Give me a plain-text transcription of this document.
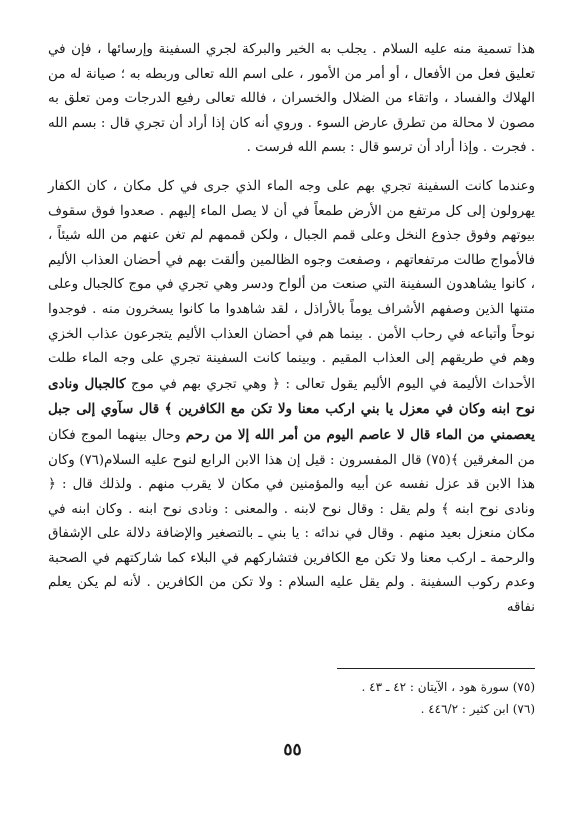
هذا تسمية منه عليه السلام . يجلب به الخير والبركة لجري السفينة وإرسائها ، فإن في تعليق فعل من الأفعال ، أو أمر من الأمور ، على اسم الله تعالى وربطه به ؛ صيانة له من الهلاك والفساد ، واتقاء من الضلال والخسران ، فالله تعالى رفيع الدرجات ومن تعلق به مصون لا محالة من تطرق عارض السوء . وروي أنه كان إذا أراد أن تجري قال : بسم الله . فجرت . وإذا أراد أن ترسو قال : بسم الله فرست .

وعندما كانت السفينة تجري بهم على وجه الماء الذي جرى في كل مكان ، كان الكفار يهرولون إلى كل مرتفع من الأرض طمعاً في أن لا يصل الماء إليهم . صعدوا فوق سقوف بيوتهم وفوق جذوع النخل وعلى قمم الجبال ، ولكن قممهم لم تغن عنهم من الله شيئاً ، فالأمواج طالت مرتفعاتهم ، وصفعت وجوه الظالمين وألقت بهم في أحضان العذاب الأليم ، كانوا يشاهدون السفينة التي صنعت من ألواح ودسر وهي تجري في موج كالجبال وعلى متنها الذين وصفهم الأشراف يوماً بالأراذل ، لقد شاهدوا ما كانوا يسخرون منه . فوجدوا نوحاً وأتباعه في رحاب الأمن . بينما هم في أحضان العذاب الأليم يتجرعون عذاب الخزي وهم في طريقهم إلى العذاب المقيم . وبينما كانت السفينة تجري على وجه الماء طلت الأحداث الأليمة في اليوم الأليم يقول تعالى : ﴿ وهي تجري بهم في موج كالجبال ونادى نوح ابنه وكان في معزل يا بني اركب معنا ولا تكن مع الكافرين ﴾ قال سآوي إلى جبل يعصمني من الماء قال لا عاصم اليوم من أمر الله إلا من رحم وحال بينهما الموج فكان من المغرقين ﴾(٧٥) قال المفسرون : قيل إن هذا الابن الرابع لنوح عليه السلام(٧٦) وكان هذا الابن قد عزل نفسه عن أبيه والمؤمنين في مكان لا يقرب منهم . ولذلك قال : ﴿ ونادى نوح ابنه ﴾ ولم يقل : وقال نوح لابنه . والمعنى : ونادى نوح ابنه . وكان ابنه في مكان منعزل بعيد منهم . وقال في ندائه : يا بني ـ بالتصغير والإضافة دلالة على الإشفاق والرحمة ـ اركب معنا ولا تكن مع الكافرين فتشاركهم في البلاء كما شاركتهم في الصحبة وعدم ركوب السفينة . ولم يقل عليه السلام : ولا تكن من الكافرين . لأنه لم يكن يعلم نفاقه

(٧٥) سورة هود ، الآيتان : ٤٢ ـ ٤٣ .

(٧٦) ابن كثير : ٤٤٦/٢ .

٥٥
